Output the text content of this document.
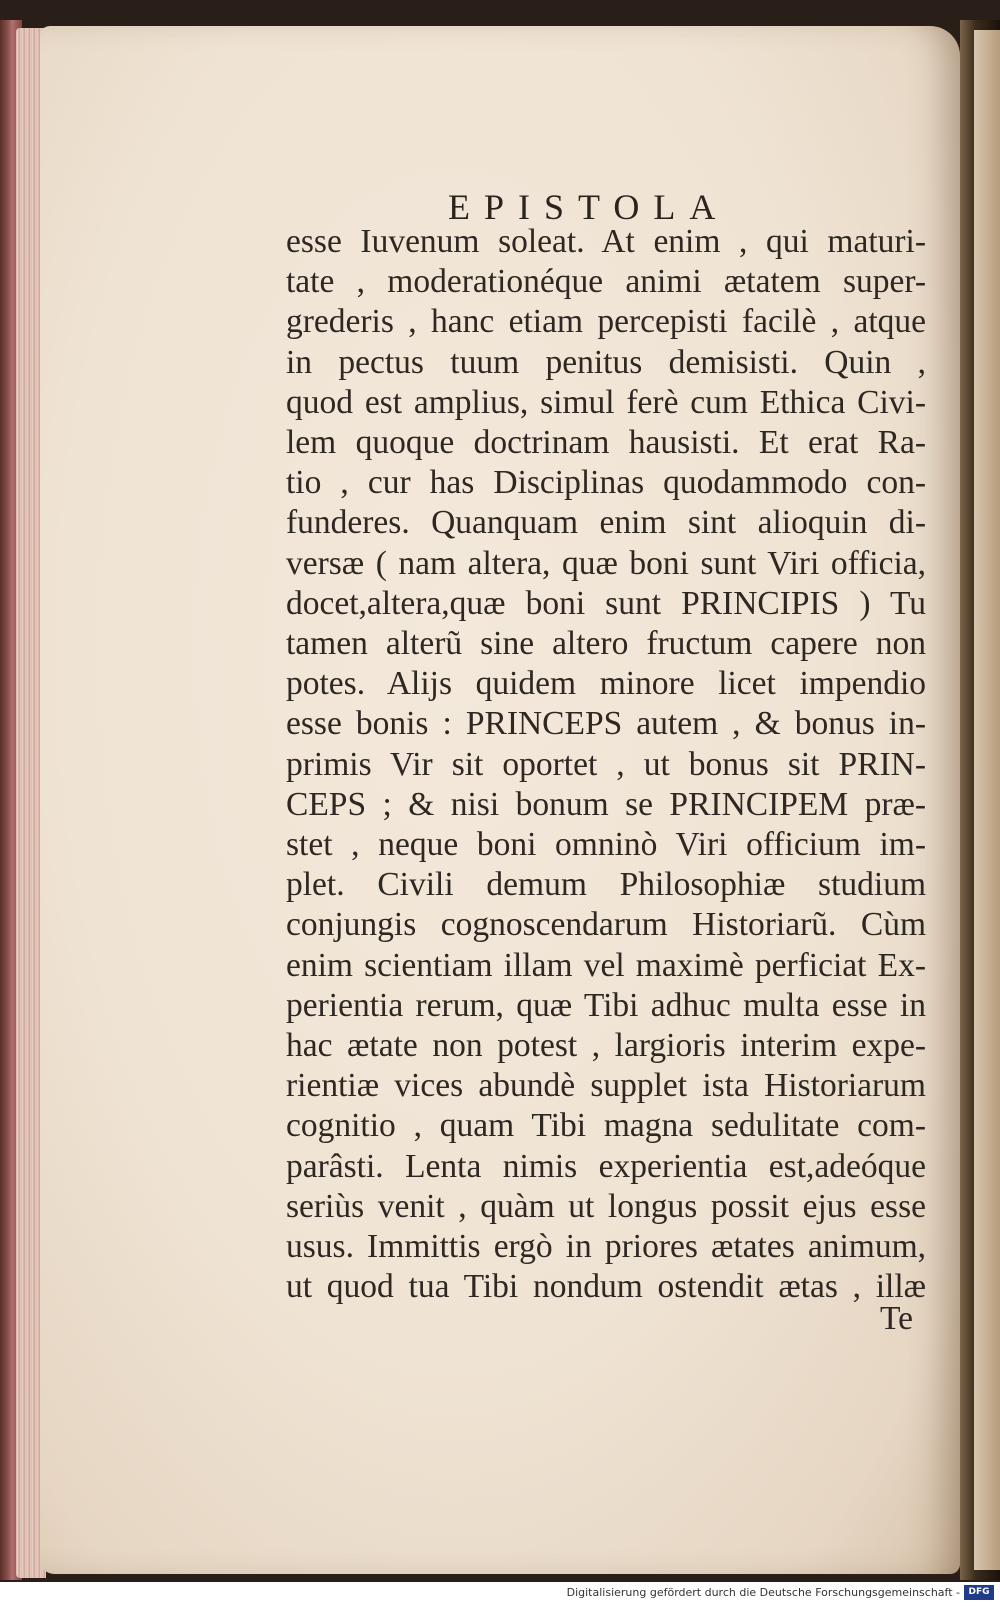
EPISTOLA
esse Iuvenum soleat. At enim , qui maturi-
tate , moderationéque animi ætatem super-
grederis , hanc etiam percepisti facilè , atque
in pectus tuum penitus demisisti. Quin ,
quod est amplius, simul ferè cum Ethica Civi-
lem quoque doctrinam hausisti. Et erat Ra-
tio , cur has Disciplinas quodammodo con-
funderes. Quanquam enim sint alioquin di-
versæ ( nam altera, quæ boni sunt Viri officia,
docet,altera,quæ boni sunt PRINCIPIS ) Tu
tamen alterũ sine altero fructum capere non
potes. Alijs quidem minore licet impendio
esse bonis : PRINCEPS autem , & bonus in-
primis Vir sit oportet , ut bonus sit PRIN-
CEPS ; & nisi bonum se PRINCIPEM præ-
stet , neque boni omninò Viri officium im-
plet. Civili demum Philosophiæ studium
conjungis cognoscendarum Historiarũ. Cùm
enim scientiam illam vel maximè perficiat Ex-
perientia rerum, quæ Tibi adhuc multa esse in
hac ætate non potest , largioris interim expe-
rientiæ vices abundè supplet ista Historiarum
cognitio , quam Tibi magna sedulitate com-
parâsti. Lenta nimis experientia est,adeóque
seriùs venit , quàm ut longus possit ejus esse
usus. Immittis ergò in priores ætates animum,
ut quod tua Tibi nondum ostendit ætas , illæ
Te
Digitalisierung gefördert durch die Deutsche Forschungsgemeinschaft - DFG
